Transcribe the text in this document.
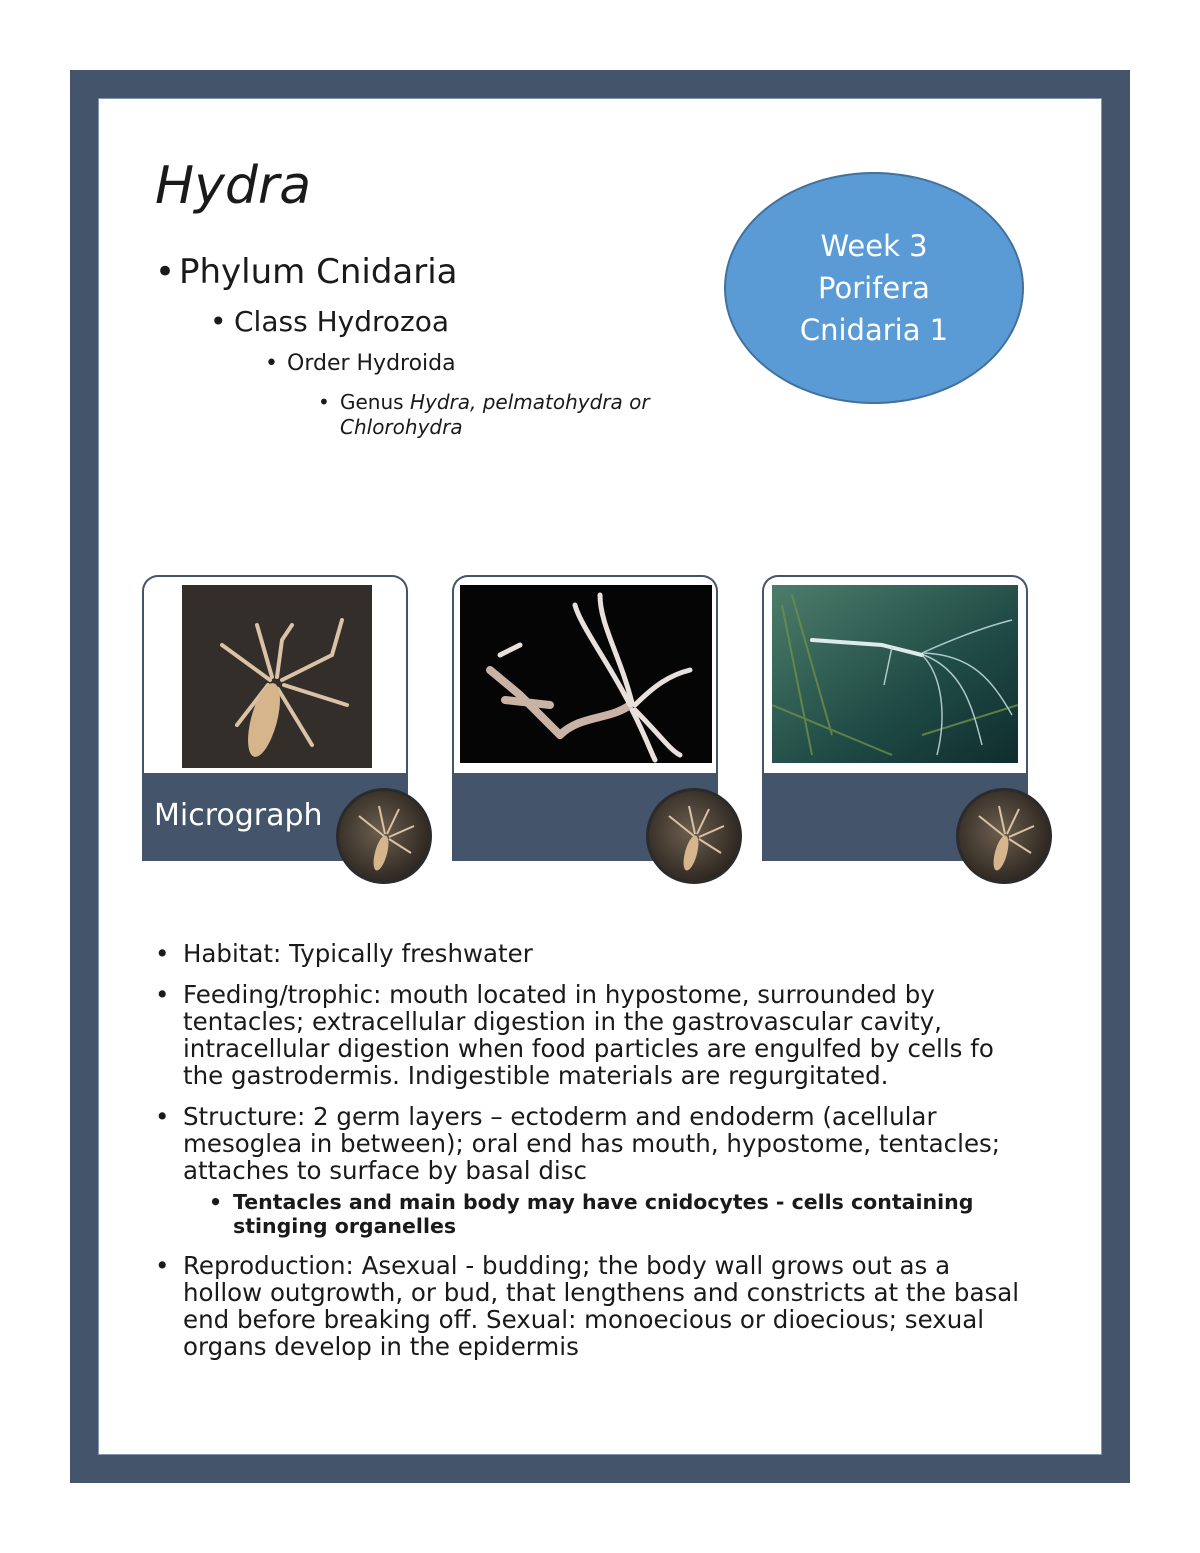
Hydra
• Phylum Cnidaria
• Class Hydrozoa
• Order Hydroida
• Genus Hydra, pelmatohydra or Chlorohydra
Week 3
Porifera
Cnidaria 1
Micrograph
• Habitat: Typically freshwater
• Feeding/trophic: mouth located in hypostome, surrounded by tentacles; extracellular digestion in the gastrovascular cavity, intracellular digestion when food particles are engulfed by cells fo the gastrodermis. Indigestible materials are regurgitated.
• Structure: 2 germ layers – ectoderm and endoderm (acellular mesoglea in between); oral end has mouth, hypostome, tentacles; attaches to surface by basal disc
• Tentacles and main body may have cnidocytes - cells containing stinging organelles
• Reproduction: Asexual - budding; the body wall grows out as a hollow outgrowth, or bud, that lengthens and constricts at the basal end before breaking off. Sexual: monoecious or dioecious; sexual organs develop in the epidermis
